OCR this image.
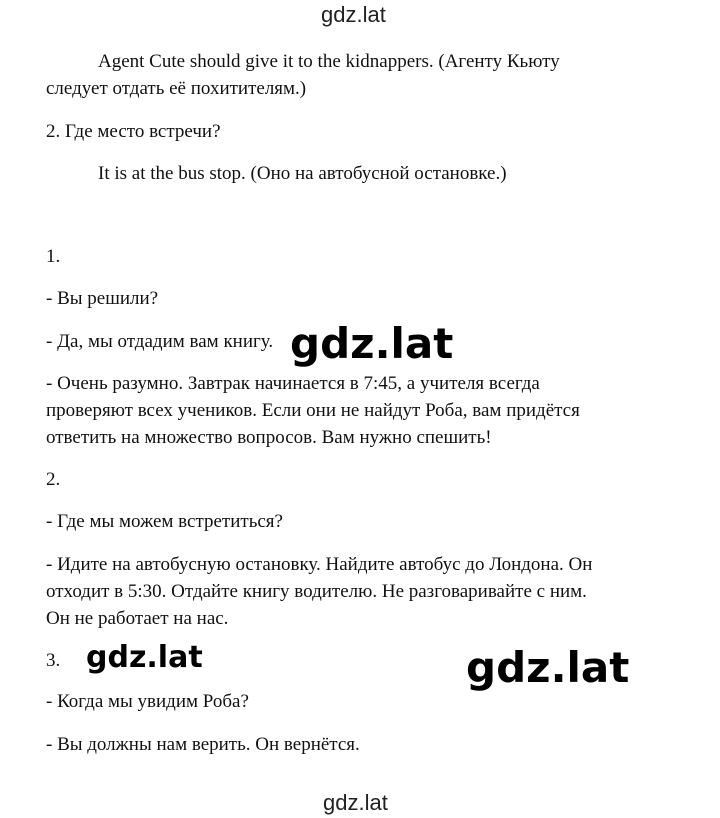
gdz.lat
Agent Cute should give it to the kidnappers. (Агенту Кьюту
следует отдать её похитителям.)
2. Где место встречи?
It is at the bus stop. (Оно на автобусной остановке.)
1.
- Вы решили?
- Да, мы отдадим вам книгу.
- Очень разумно. Завтрак начинается в 7:45, а учителя всегда
проверяют всех учеников. Если они не найдут Роба, вам придётся
ответить на множество вопросов. Вам нужно спешить!
2.
- Где мы можем встретиться?
- Идите на автобусную остановку. Найдите автобус до Лондона. Он
отходит в 5:30. Отдайте книгу водителю. Не разговаривайте с ним.
Он не работает на нас.
3.
- Когда мы увидим Роба?
- Вы должны нам верить. Он вернётся.
gdz.lat
gdz.lat	gdz.lat
gdz.lat
